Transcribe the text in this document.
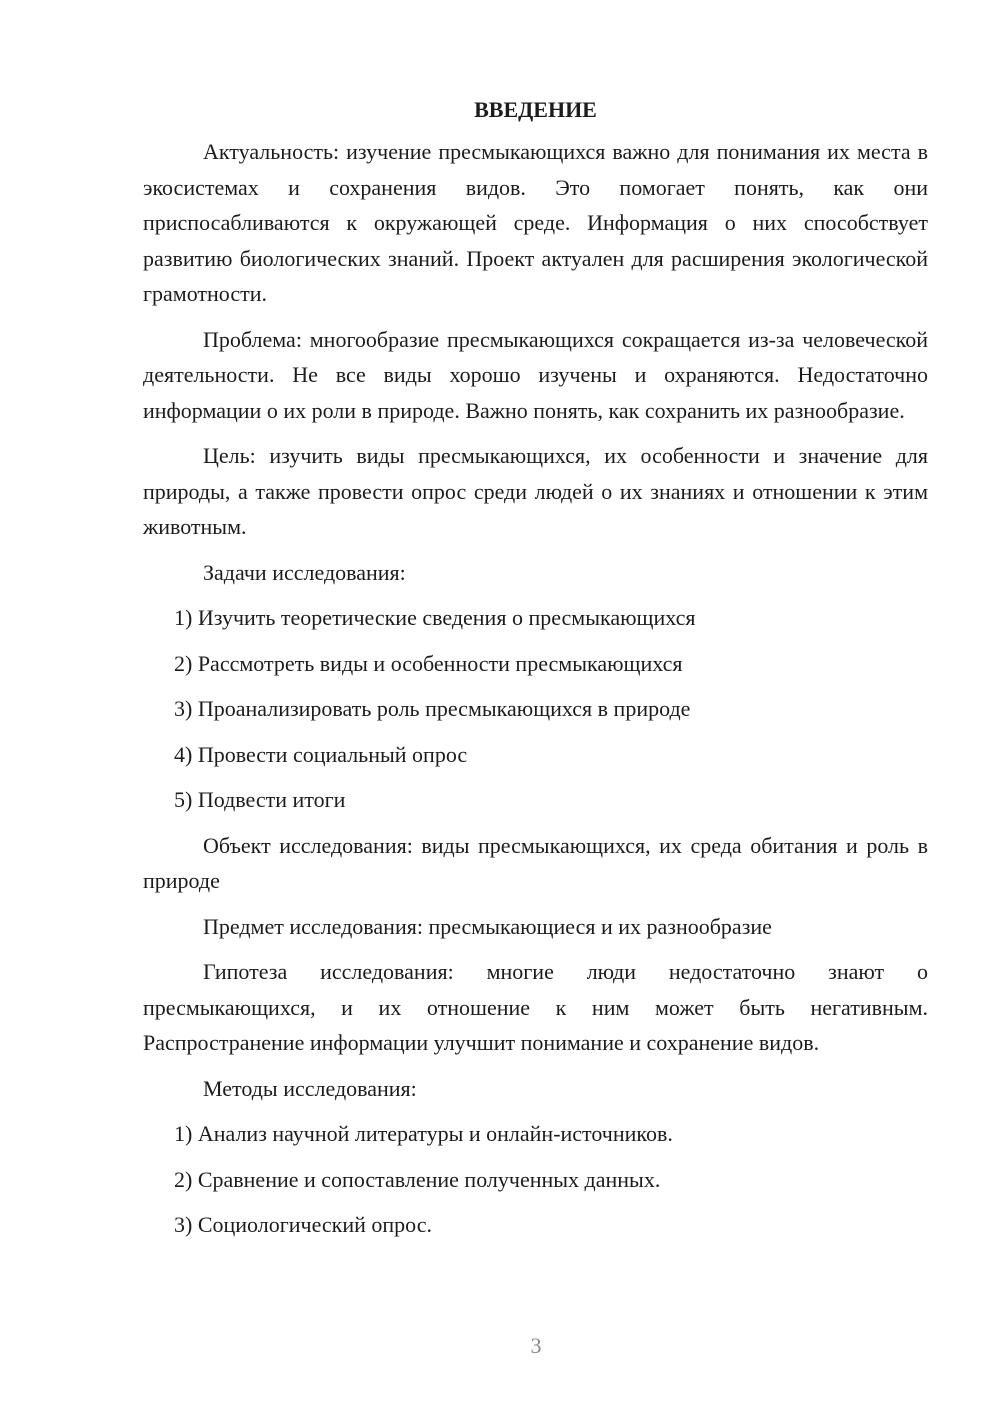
ВВЕДЕНИЕ

Актуальность: изучение пресмыкающихся важно для понимания их места в экосистемах и сохранения видов. Это помогает понять, как они приспосабливаются к окружающей среде. Информация о них способствует развитию биологических знаний. Проект актуален для расширения экологической грамотности.

Проблема: многообразие пресмыкающихся сокращается из-за человеческой деятельности. Не все виды хорошо изучены и охраняются. Недостаточно информации о их роли в природе. Важно понять, как сохранить их разнообразие.

Цель: изучить виды пресмыкающихся, их особенности и значение для природы, а также провести опрос среди людей о их знаниях и отношении к этим животным.

Задачи исследования:

1) Изучить теоретические сведения о пресмыкающихся
2) Рассмотреть виды и особенности пресмыкающихся
3) Проанализировать роль пресмыкающихся в природе
4) Провести социальный опрос
5) Подвести итоги

Объект исследования: виды пресмыкающихся, их среда обитания и роль в природе

Предмет исследования: пресмыкающиеся и их разнообразие

Гипотеза исследования: многие люди недостаточно знают о пресмыкающихся, и их отношение к ним может быть негативным. Распространение информации улучшит понимание и сохранение видов.

Методы исследования:

1) Анализ научной литературы и онлайн-источников.
2) Сравнение и сопоставление полученных данных.
3) Социологический опрос.
3
